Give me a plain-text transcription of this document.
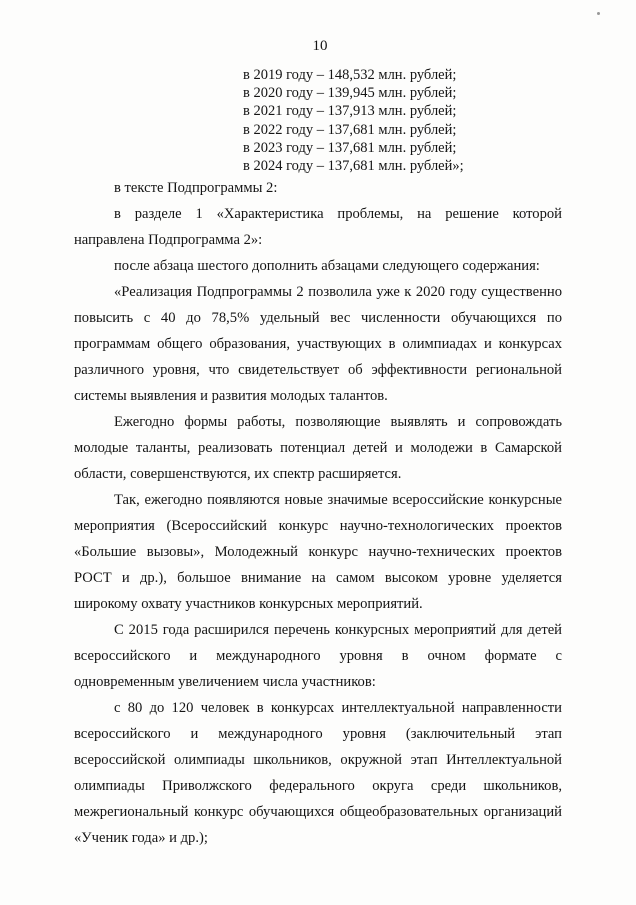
10
в 2019 году – 148,532 млн. рублей;
в 2020 году – 139,945 млн. рублей;
в 2021 году – 137,913 млн. рублей;
в 2022 году – 137,681 млн. рублей;
в 2023 году – 137,681 млн. рублей;
в 2024 году – 137,681 млн. рублей»;
в тексте Подпрограммы 2:
в разделе 1 «Характеристика проблемы, на решение которой
направлена Подпрограмма 2»:
после абзаца шестого дополнить абзацами следующего содержания:
«Реализация Подпрограммы 2 позволила уже к 2020 году существенно
повысить с 40 до 78,5% удельный вес численности обучающихся по
программам общего образования, участвующих в олимпиадах и конкурсах
различного уровня, что свидетельствует об эффективности региональной
системы выявления и развития молодых талантов.
Ежегодно формы работы, позволяющие выявлять и сопровождать
молодые таланты, реализовать потенциал детей и молодежи в Самарской
области, совершенствуются, их спектр расширяется.
Так, ежегодно появляются новые значимые всероссийские конкурсные
мероприятия (Всероссийский конкурс научно-технологических проектов
«Большие вызовы», Молодежный конкурс научно-технических проектов
РОСТ и др.), большое внимание на самом высоком уровне уделяется
широкому охвату участников конкурсных мероприятий.
С 2015 года расширился перечень конкурсных мероприятий для детей
всероссийского и международного уровня в очном формате с
одновременным увеличением числа участников:
с 80 до 120 человек в конкурсах интеллектуальной направленности
всероссийского и международного уровня (заключительный этап
всероссийской олимпиады школьников, окружной этап Интеллектуальной
олимпиады Приволжского федерального округа среди школьников,
межрегиональный конкурс обучающихся общеобразовательных организаций
«Ученик года» и др.);
